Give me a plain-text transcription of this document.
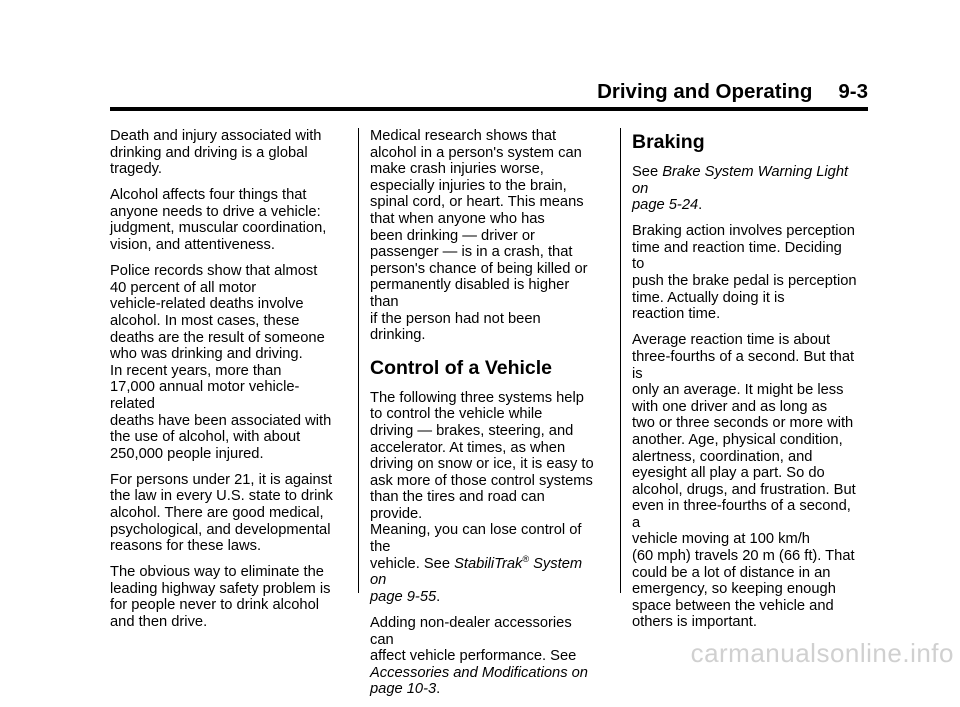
Driving and Operating 9-3

Death and injury associated with
drinking and driving is a global
tragedy.

Alcohol affects four things that
anyone needs to drive a vehicle:
judgment, muscular coordination,
vision, and attentiveness.

Police records show that almost
40 percent of all motor
vehicle-related deaths involve
alcohol. In most cases, these
deaths are the result of someone
who was drinking and driving.
In recent years, more than
17,000 annual motor vehicle-related
deaths have been associated with
the use of alcohol, with about
250,000 people injured.

For persons under 21, it is against
the law in every U.S. state to drink
alcohol. There are good medical,
psychological, and developmental
reasons for these laws.

The obvious way to eliminate the
leading highway safety problem is
for people never to drink alcohol
and then drive.

Medical research shows that
alcohol in a person's system can
make crash injuries worse,
especially injuries to the brain,
spinal cord, or heart. This means
that when anyone who has
been drinking — driver or
passenger — is in a crash, that
person's chance of being killed or
permanently disabled is higher than
if the person had not been drinking.

Control of a Vehicle

The following three systems help
to control the vehicle while
driving — brakes, steering, and
accelerator. At times, as when
driving on snow or ice, it is easy to
ask more of those control systems
than the tires and road can provide.
Meaning, you can lose control of the
vehicle. See StabiliTrak® System on
page 9-55.

Adding non-dealer accessories can
affect vehicle performance. See
Accessories and Modifications on
page 10-3.

Braking

See Brake System Warning Light on
page 5-24.

Braking action involves perception
time and reaction time. Deciding to
push the brake pedal is perception
time. Actually doing it is
reaction time.

Average reaction time is about
three-fourths of a second. But that is
only an average. It might be less
with one driver and as long as
two or three seconds or more with
another. Age, physical condition,
alertness, coordination, and
eyesight all play a part. So do
alcohol, drugs, and frustration. But
even in three-fourths of a second, a
vehicle moving at 100 km/h
(60 mph) travels 20 m (66 ft). That
could be a lot of distance in an
emergency, so keeping enough
space between the vehicle and
others is important.

carmanualsonline.info
